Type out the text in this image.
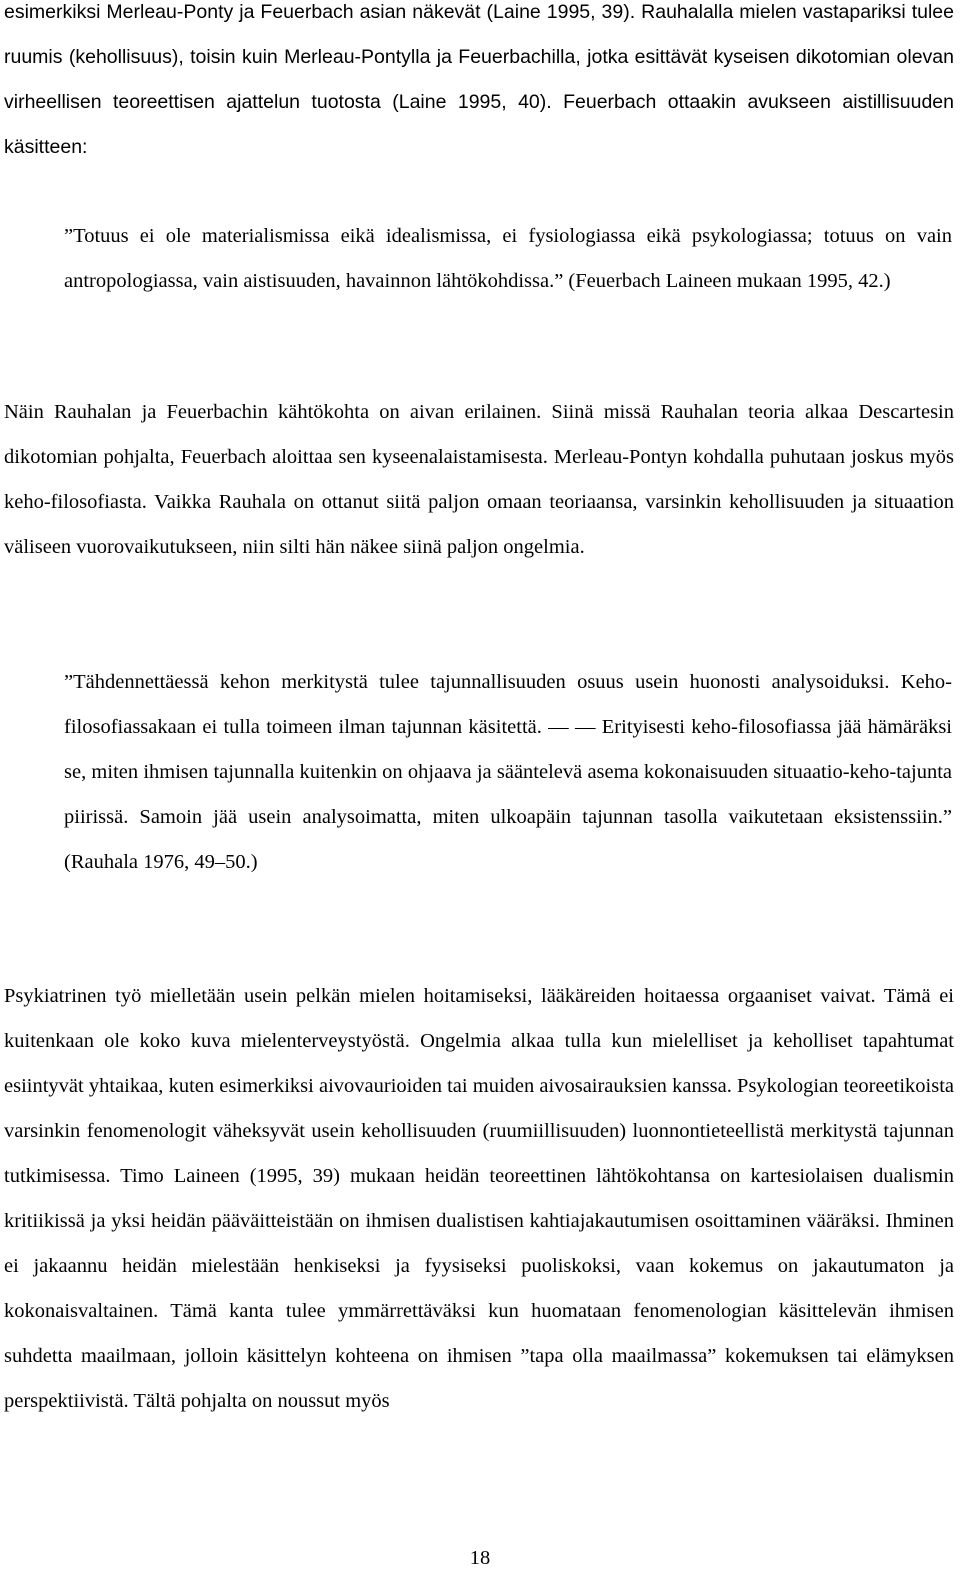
esimerkiksi Merleau-Ponty ja Feuerbach asian näkevät (Laine 1995, 39). Rauhalalla mielen vastapariksi tulee ruumis (kehollisuus), toisin kuin Merleau-Pontylla ja Feuerbachilla, jotka esittävät kyseisen dikotomian olevan virheellisen teoreettisen ajattelun tuotosta (Laine 1995, 40). Feuerbach ottaakin avukseen aistillisuuden käsitteen:

”Totuus ei ole materialismissa eikä idealismissa, ei fysiologiassa eikä psykologiassa; totuus on vain antropologiassa, vain aistisuuden, havainnon lähtökohdissa.” (Feuerbach Laineen mukaan 1995, 42.)

Näin Rauhalan ja Feuerbachin kähtökohta on aivan erilainen. Siinä missä Rauhalan teoria alkaa Descartesin dikotomian pohjalta, Feuerbach aloittaa sen kyseenalaistamisesta. Merleau-Pontyn kohdalla puhutaan joskus myös keho-filosofiasta. Vaikka Rauhala on ottanut siitä paljon omaan teoriaansa, varsinkin kehollisuuden ja situaation väliseen vuorovaikutukseen, niin silti hän näkee siinä paljon ongelmia.

”Tähdennettäessä kehon merkitystä tulee tajunnallisuuden osuus usein huonosti analysoiduksi. Keho-filosofiassakaan ei tulla toimeen ilman tajunnan käsitettä. — — Erityisesti keho-filosofiassa jää hämäräksi se, miten ihmisen tajunnalla kuitenkin on ohjaava ja sääntelevä asema kokonaisuuden situaatio-keho-tajunta piirissä. Samoin jää usein analysoimatta, miten ulkoapäin tajunnan tasolla vaikutetaan eksistenssiin.” (Rauhala 1976, 49–50.)

Psykiatrinen työ mielletään usein pelkän mielen hoitamiseksi, lääkäreiden hoitaessa orgaaniset vaivat. Tämä ei kuitenkaan ole koko kuva mielenterveystyöstä. Ongelmia alkaa tulla kun mielelliset ja keholliset tapahtumat esiintyvät yhtaikaa, kuten esimerkiksi aivovaurioiden tai muiden aivosairauksien kanssa. Psykologian teoreetikoista varsinkin fenomenologit väheksyvät usein kehollisuuden (ruumiillisuuden) luonnontieteellistä merkitystä tajunnan tutkimisessa. Timo Laineen (1995, 39) mukaan heidän teoreettinen lähtökohtansa on kartesiolaisen dualismin kritiikissä ja yksi heidän pääväitteistään on ihmisen dualistisen kahtiajakautumisen osoittaminen vääräksi. Ihminen ei jakaannu heidän mielestään henkiseksi ja fyysiseksi puoliskoksi, vaan kokemus on jakautumaton ja kokonaisvaltainen. Tämä kanta tulee ymmärrettäväksi kun huomataan fenomenologian käsittelevän ihmisen suhdetta maailmaan, jolloin käsittelyn kohteena on ihmisen ”tapa olla maailmassa” kokemuksen tai elämyksen perspektiivistä. Tältä pohjalta on noussut myös

18
